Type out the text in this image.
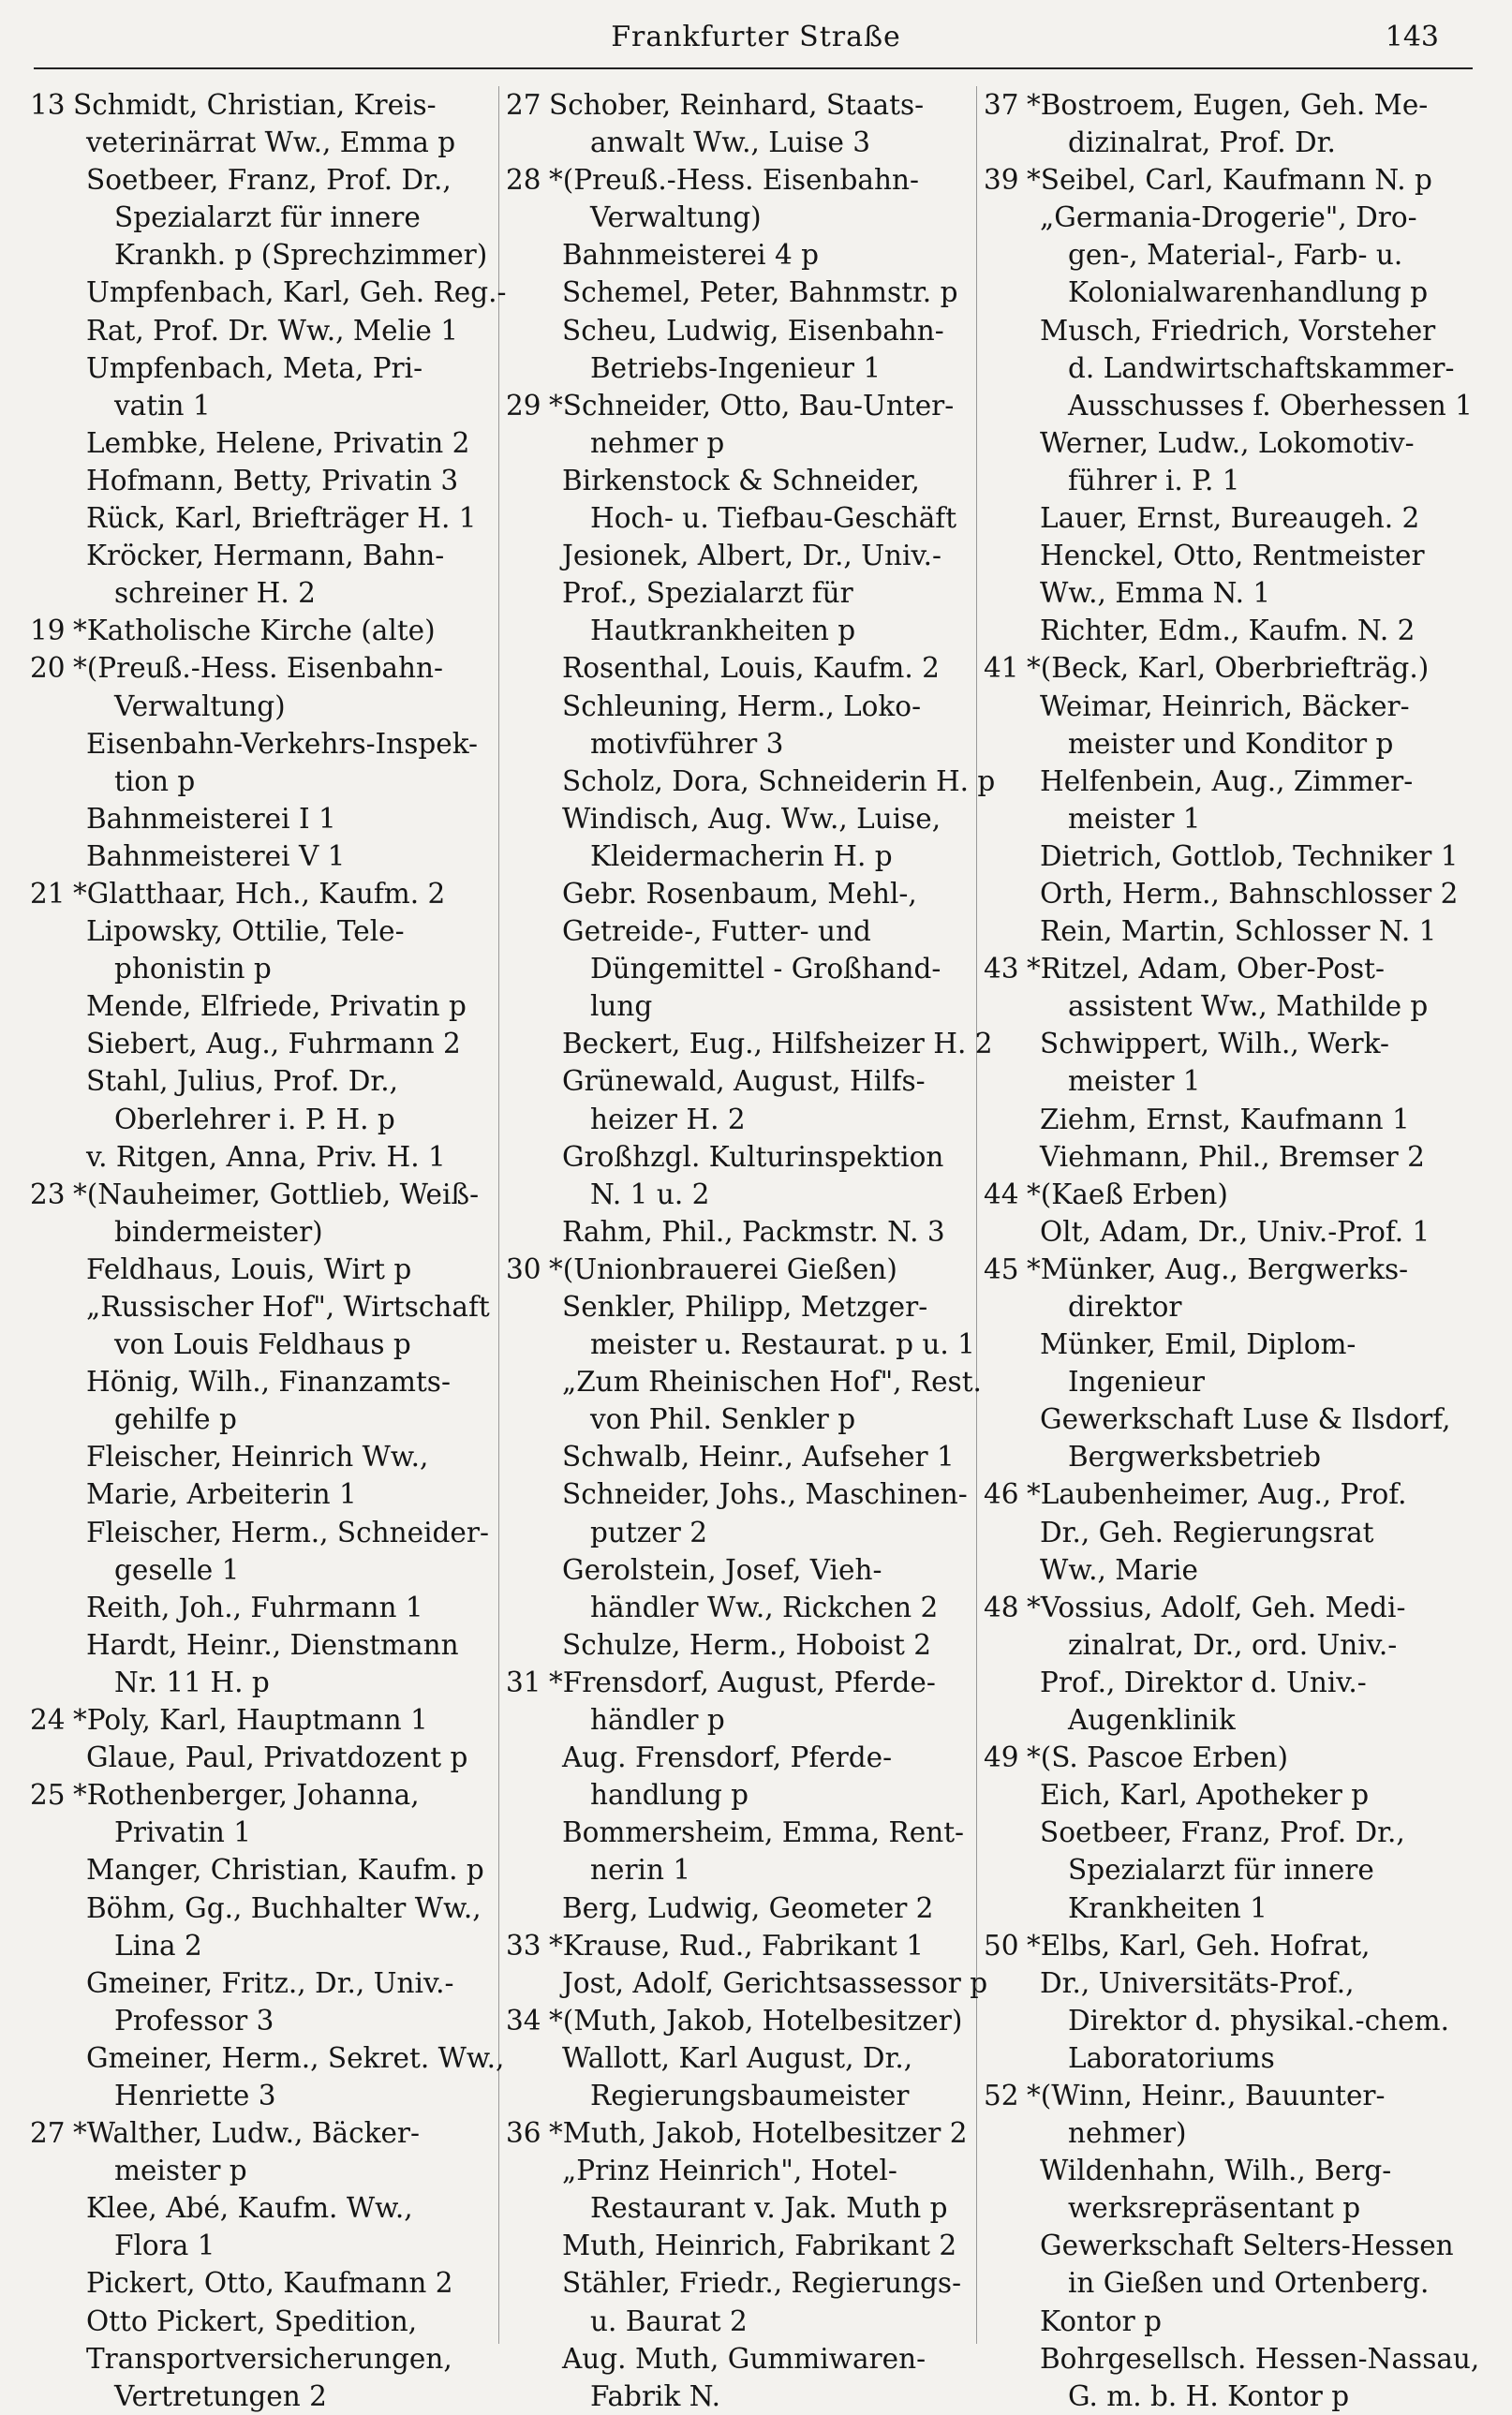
Frankfurter Straße	143
13 Schmidt, Christian, Kreis-
veterinärrat Ww., Emma p
Soetbeer, Franz, Prof. Dr.,
Spezialarzt für innere
Krankh. p (Sprechzimmer)
Umpfenbach, Karl, Geh. Reg.-
Rat, Prof. Dr. Ww., Melie 1
Umpfenbach, Meta, Pri-
vatin 1
Lembke, Helene, Privatin 2
Hofmann, Betty, Privatin 3
Rück, Karl, Briefträger H. 1
Kröcker, Hermann, Bahn-
schreiner H. 2
19 *Katholische Kirche (alte)
20 *(Preuß.-Hess. Eisenbahn-
Verwaltung)
Eisenbahn-Verkehrs-Inspek-
tion p
Bahnmeisterei I 1
Bahnmeisterei V 1
21 *Glatthaar, Hch., Kaufm. 2
Lipowsky, Ottilie, Tele-
phonistin p
Mende, Elfriede, Privatin p
Siebert, Aug., Fuhrmann 2
Stahl, Julius, Prof. Dr.,
Oberlehrer i. P. H. p
v. Ritgen, Anna, Priv. H. 1
23 *(Nauheimer, Gottlieb, Weiß-
bindermeister)
Feldhaus, Louis, Wirt p
„Russischer Hof", Wirtschaft
von Louis Feldhaus p
Hönig, Wilh., Finanzamts-
gehilfe p
Fleischer, Heinrich Ww.,
Marie, Arbeiterin 1
Fleischer, Herm., Schneider-
geselle 1
Reith, Joh., Fuhrmann 1
Hardt, Heinr., Dienstmann
Nr. 11 H. p
24 *Poly, Karl, Hauptmann 1
Glaue, Paul, Privatdozent p
25 *Rothenberger, Johanna,
Privatin 1
Manger, Christian, Kaufm. p
Böhm, Gg., Buchhalter Ww.,
Lina 2
Gmeiner, Fritz., Dr., Univ.-
Professor 3
Gmeiner, Herm., Sekret. Ww.,
Henriette 3
27 *Walther, Ludw., Bäcker-
meister p
Klee, Abé, Kaufm. Ww.,
Flora 1
Pickert, Otto, Kaufmann 2
Otto Pickert, Spedition,
Transportversicherungen,
Vertretungen 2
27 Schober, Reinhard, Staats-
anwalt Ww., Luise 3
28 *(Preuß.-Hess. Eisenbahn-
Verwaltung)
Bahnmeisterei 4 p
Schemel, Peter, Bahnmstr. p
Scheu, Ludwig, Eisenbahn-
Betriebs-Ingenieur 1
29 *Schneider, Otto, Bau-Unter-
nehmer p
Birkenstock & Schneider,
Hoch- u. Tiefbau-Geschäft
Jesionek, Albert, Dr., Univ.-
Prof., Spezialarzt für
Hautkrankheiten p
Rosenthal, Louis, Kaufm. 2
Schleuning, Herm., Loko-
motivführer 3
Scholz, Dora, Schneiderin H. p
Windisch, Aug. Ww., Luise,
Kleidermacherin H. p
Gebr. Rosenbaum, Mehl-,
Getreide-, Futter- und
Düngemittel - Großhand-
lung
Beckert, Eug., Hilfsheizer H. 2
Grünewald, August, Hilfs-
heizer H. 2
Großhzgl. Kulturinspektion
N. 1 u. 2
Rahm, Phil., Packmstr. N. 3
30 *(Unionbrauerei Gießen)
Senkler, Philipp, Metzger-
meister u. Restaurat. p u. 1
„Zum Rheinischen Hof", Rest.
von Phil. Senkler p
Schwalb, Heinr., Aufseher 1
Schneider, Johs., Maschinen-
putzer 2
Gerolstein, Josef, Vieh-
händler Ww., Rickchen 2
Schulze, Herm., Hoboist 2
31 *Frensdorf, August, Pferde-
händler p
Aug. Frensdorf, Pferde-
handlung p
Bommersheim, Emma, Rent-
nerin 1
Berg, Ludwig, Geometer 2
33 *Krause, Rud., Fabrikant 1
Jost, Adolf, Gerichtsassessor p
34 *(Muth, Jakob, Hotelbesitzer)
Wallott, Karl August, Dr.,
Regierungsbaumeister
36 *Muth, Jakob, Hotelbesitzer 2
„Prinz Heinrich", Hotel-
Restaurant v. Jak. Muth p
Muth, Heinrich, Fabrikant 2
Stähler, Friedr., Regierungs-
u. Baurat 2
Aug. Muth, Gummiwaren-
Fabrik N.
37 *Bostroem, Eugen, Geh. Me-
dizinalrat, Prof. Dr.
39 *Seibel, Carl, Kaufmann N. p
„Germania-Drogerie", Dro-
gen-, Material-, Farb- u.
Kolonialwarenhandlung p
Musch, Friedrich, Vorsteher
d. Landwirtschaftskammer-
Ausschusses f. Oberhessen 1
Werner, Ludw., Lokomotiv-
führer i. P. 1
Lauer, Ernst, Bureaugeh. 2
Henckel, Otto, Rentmeister
Ww., Emma N. 1
Richter, Edm., Kaufm. N. 2
41 *(Beck, Karl, Oberbriefträg.)
Weimar, Heinrich, Bäcker-
meister und Konditor p
Helfenbein, Aug., Zimmer-
meister 1
Dietrich, Gottlob, Techniker 1
Orth, Herm., Bahnschlosser 2
Rein, Martin, Schlosser N. 1
43 *Ritzel, Adam, Ober-Post-
assistent Ww., Mathilde p
Schwippert, Wilh., Werk-
meister 1
Ziehm, Ernst, Kaufmann 1
Viehmann, Phil., Bremser 2
44 *(Kaeß Erben)
Olt, Adam, Dr., Univ.-Prof. 1
45 *Münker, Aug., Bergwerks-
direktor
Münker, Emil, Diplom-
Ingenieur
Gewerkschaft Luse & Ilsdorf,
Bergwerksbetrieb
46 *Laubenheimer, Aug., Prof.
Dr., Geh. Regierungsrat
Ww., Marie
48 *Vossius, Adolf, Geh. Medi-
zinalrat, Dr., ord. Univ.-
Prof., Direktor d. Univ.-
Augenklinik
49 *(S. Pascoe Erben)
Eich, Karl, Apotheker p
Soetbeer, Franz, Prof. Dr.,
Spezialarzt für innere
Krankheiten 1
50 *Elbs, Karl, Geh. Hofrat,
Dr., Universitäts-Prof.,
Direktor d. physikal.-chem.
Laboratoriums
52 *(Winn, Heinr., Bauunter-
nehmer)
Wildenhahn, Wilh., Berg-
werksrepräsentant p
Gewerkschaft Selters-Hessen
in Gießen und Ortenberg.
Kontor p
Bohrgesellsch. Hessen-Nassau,
G. m. b. H. Kontor p
